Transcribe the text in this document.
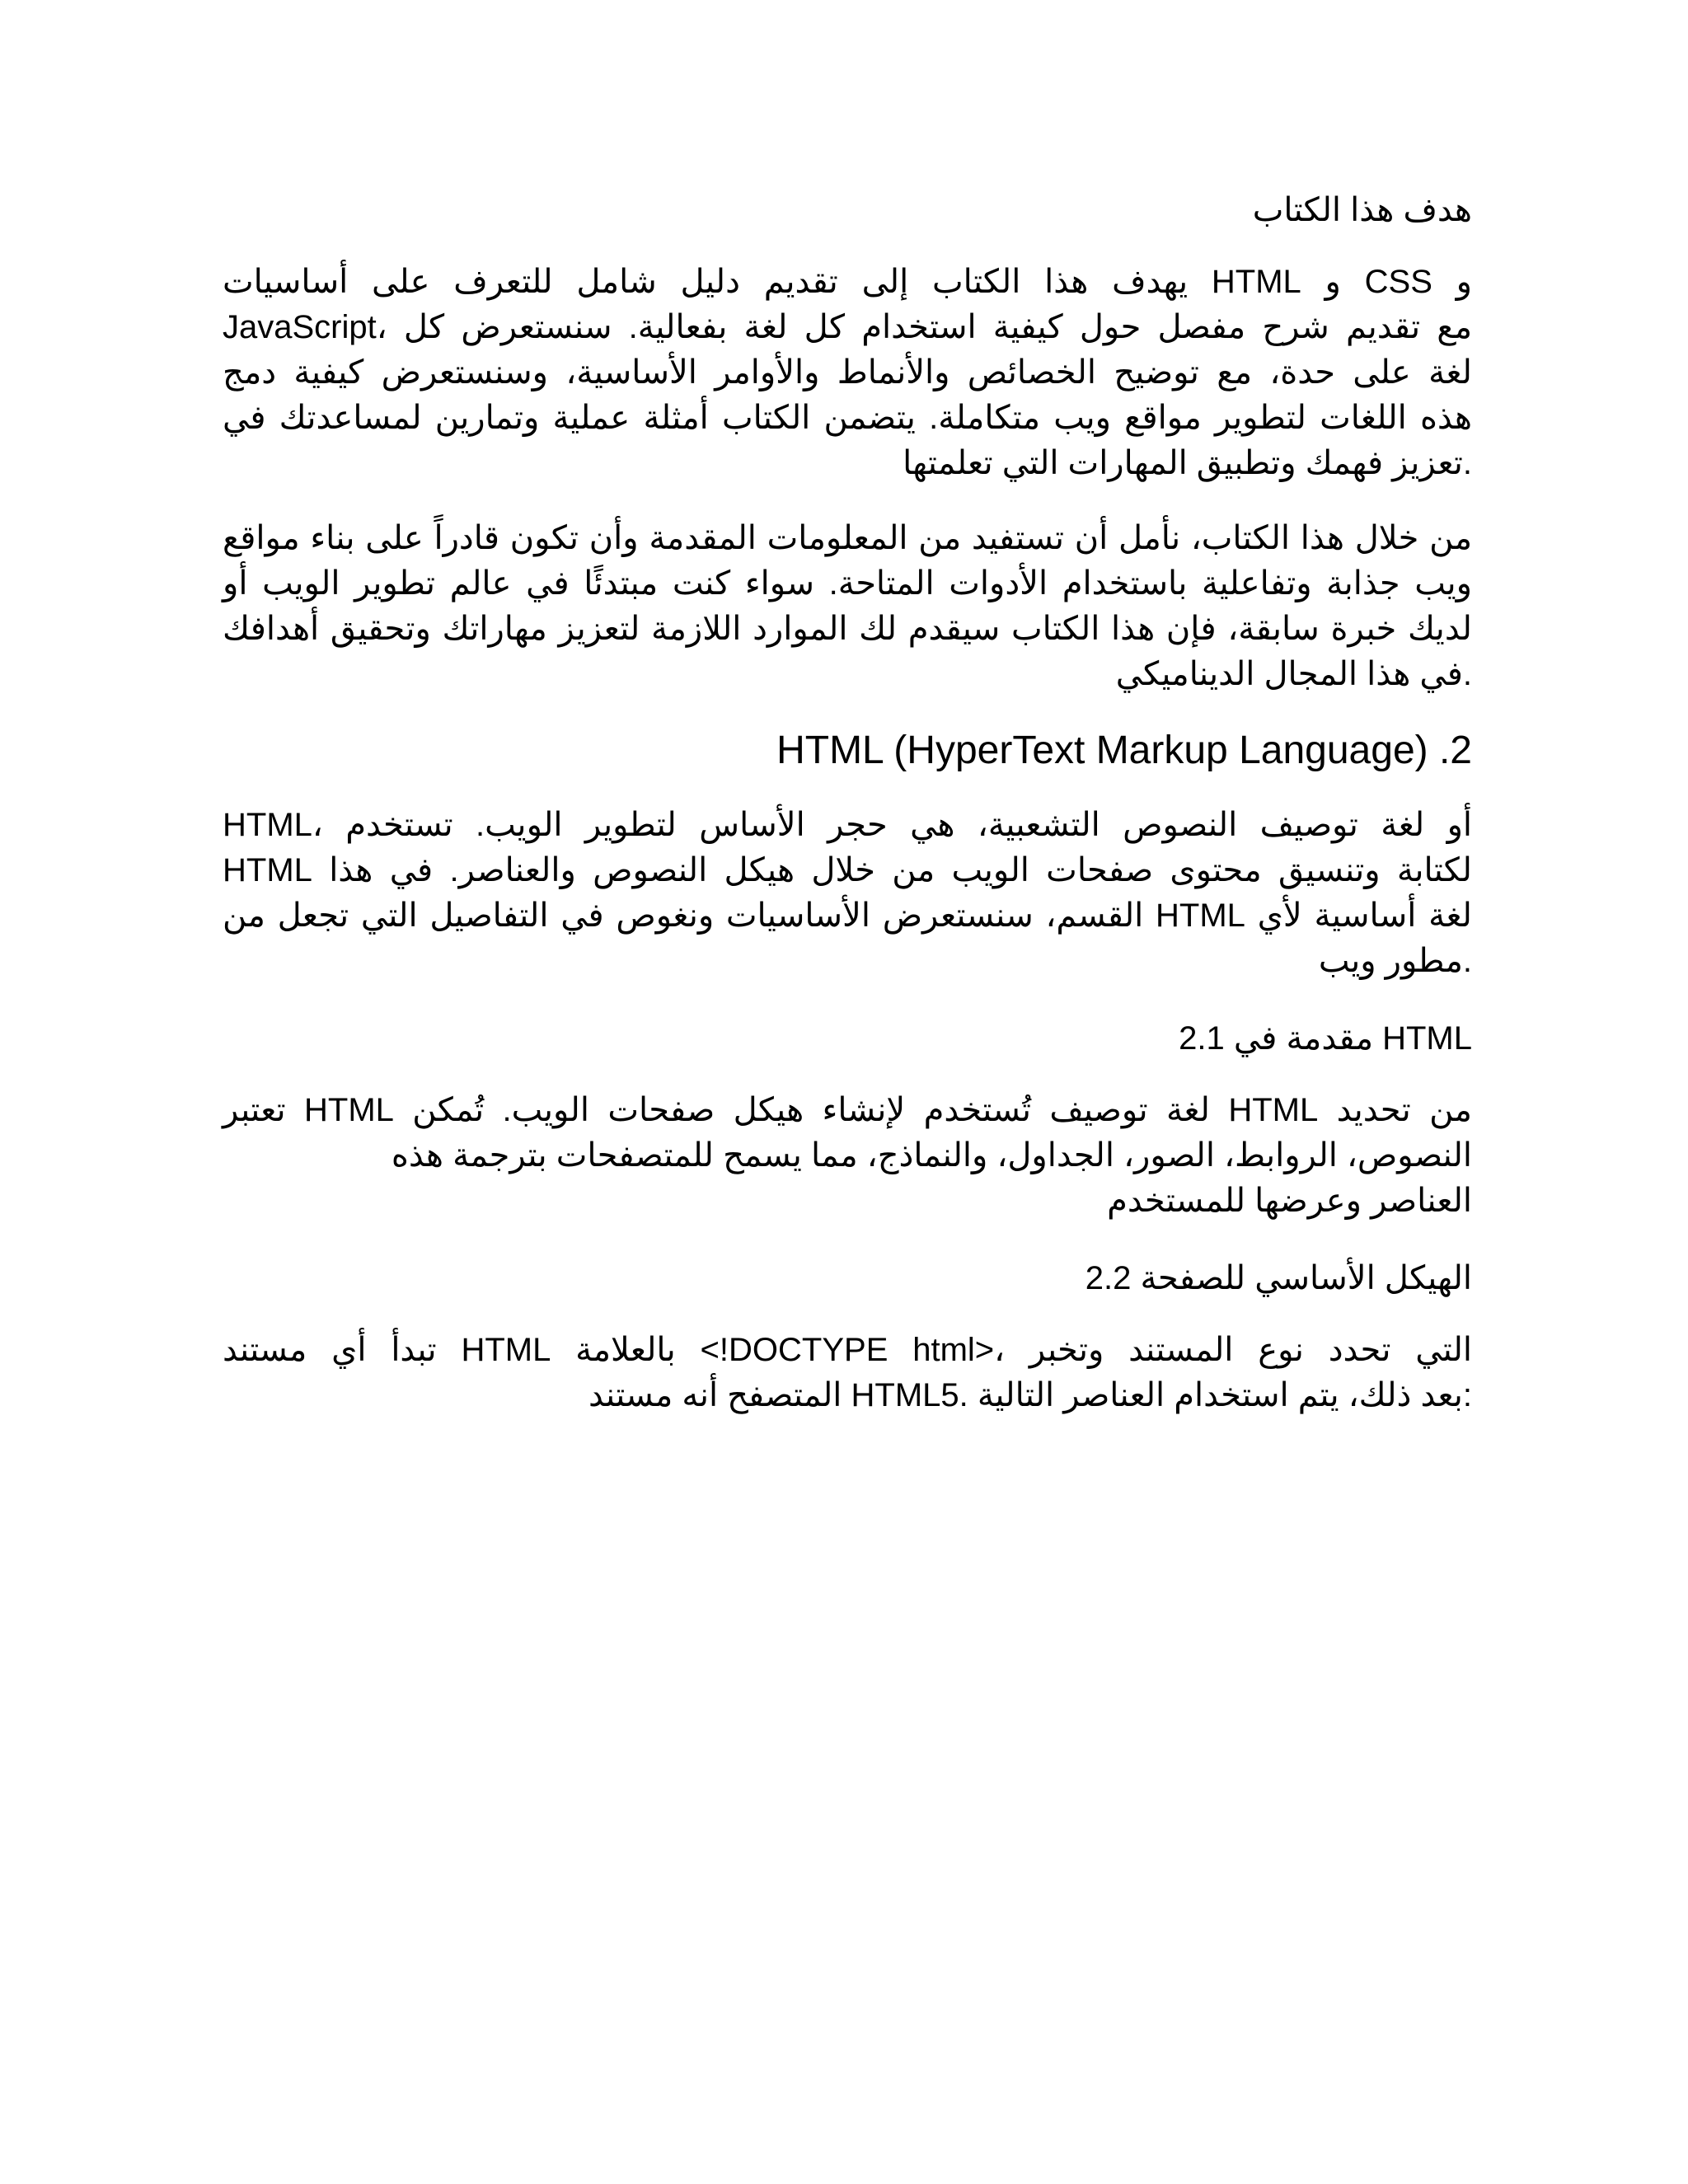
هدف هذا الكتاب
و CSS و HTML يهدف هذا الكتاب إلى تقديم دليل شامل للتعرف على أساسيات
مع تقديم شرح مفصل حول كيفية استخدام كل لغة بفعالية. سنستعرض كل ،JavaScript
لغة على حدة، مع توضيح الخصائص والأنماط والأوامر الأساسية، وسنستعرض كيفية دمج
هذه اللغات لتطوير مواقع ويب متكاملة. يتضمن الكتاب أمثلة عملية وتمارين لمساعدتك في
.تعزيز فهمك وتطبيق المهارات التي تعلمتها
من خلال هذا الكتاب، نأمل أن تستفيد من المعلومات المقدمة وأن تكون قادراً على بناء مواقع
ويب جذابة وتفاعلية باستخدام الأدوات المتاحة. سواء كنت مبتدئًا في عالم تطوير الويب أو
لديك خبرة سابقة، فإن هذا الكتاب سيقدم لك الموارد اللازمة لتعزيز مهاراتك وتحقيق أهدافك
.في هذا المجال الديناميكي
2. HTML (HyperText Markup Language)
أو لغة توصيف النصوص التشعبية، هي حجر الأساس لتطوير الويب. تستخدم ،HTML
لكتابة وتنسيق محتوى صفحات الويب من خلال هيكل النصوص والعناصر. في هذا HTML
لغة أساسية لأي HTML القسم، سنستعرض الأساسيات ونغوص في التفاصيل التي تجعل من
.مطور ويب
HTML مقدمة في 2.1
من تحديد HTML لغة توصيف تُستخدم لإنشاء هيكل صفحات الويب. تُمكن HTML تعتبر
النصوص، الروابط، الصور، الجداول، والنماذج، مما يسمح للمتصفحات بترجمة هذه
العناصر وعرضها للمستخدم
الهيكل الأساسي للصفحة 2.2
التي تحدد نوع المستند وتخبر ،<DOCTYPE html!> بالعلامة HTML تبدأ أي مستند
:بعد ذلك، يتم استخدام العناصر التالية .HTML5 المتصفح أنه مستند
